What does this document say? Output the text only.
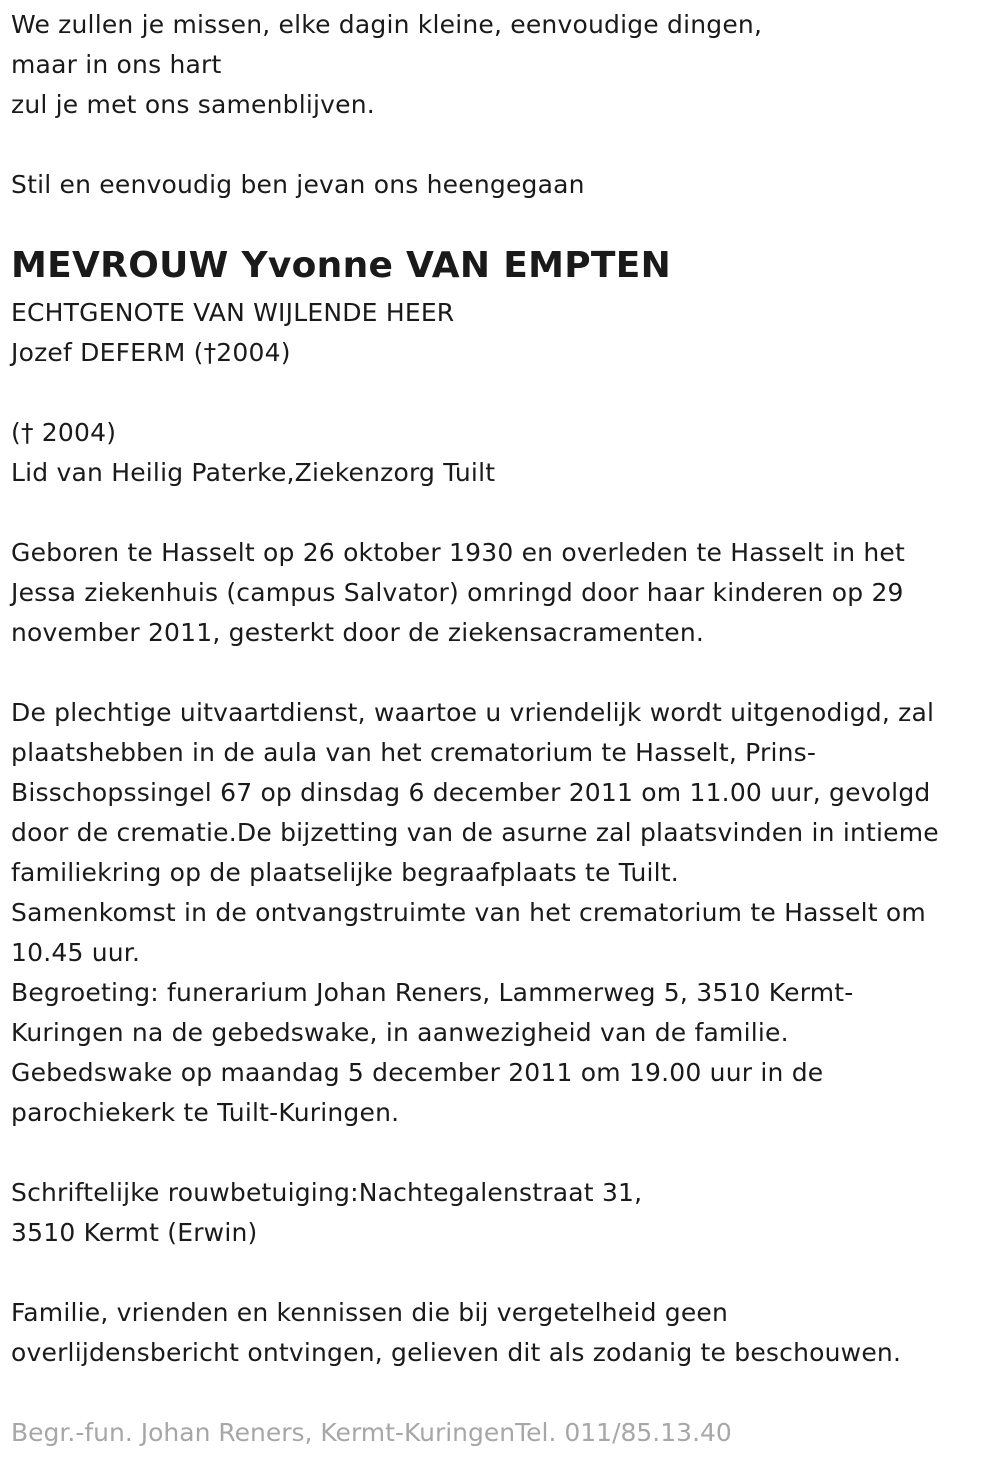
We zullen je missen, elke dagin kleine, eenvoudige dingen,
maar in ons hart
zul je met ons samenblijven.
Stil en eenvoudig ben jevan ons heengegaan
MEVROUW Yvonne VAN EMPTEN
ECHTGENOTE VAN WIJLENDE HEER
Jozef DEFERM (†2004)
(† 2004)
Lid van Heilig Paterke,Ziekenzorg Tuilt
Geboren te Hasselt op 26 oktober 1930 en overleden te Hasselt in het
Jessa ziekenhuis (campus Salvator) omringd door haar kinderen op 29
november 2011, gesterkt door de ziekensacramenten.
De plechtige uitvaartdienst, waartoe u vriendelijk wordt uitgenodigd, zal
plaatshebben in de aula van het crematorium te Hasselt, Prins-
Bisschopssingel 67 op dinsdag 6 december 2011 om 11.00 uur, gevolgd
door de crematie.De bijzetting van de asurne zal plaatsvinden in intieme
familiekring op de plaatselijke begraafplaats te Tuilt.
Samenkomst in de ontvangstruimte van het crematorium te Hasselt om
10.45 uur.
Begroeting: funerarium Johan Reners, Lammerweg 5, 3510 Kermt-
Kuringen na de gebedswake, in aanwezigheid van de familie.
Gebedswake op maandag 5 december 2011 om 19.00 uur in de
parochiekerk te Tuilt-Kuringen.
Schriftelijke rouwbetuiging:Nachtegalenstraat 31,
3510 Kermt (Erwin)
Familie, vrienden en kennissen die bij vergetelheid geen
overlijdensbericht ontvingen, gelieven dit als zodanig te beschouwen.

Begr.-fun. Johan Reners, Kermt-KuringenTel. 011/85.13.40
